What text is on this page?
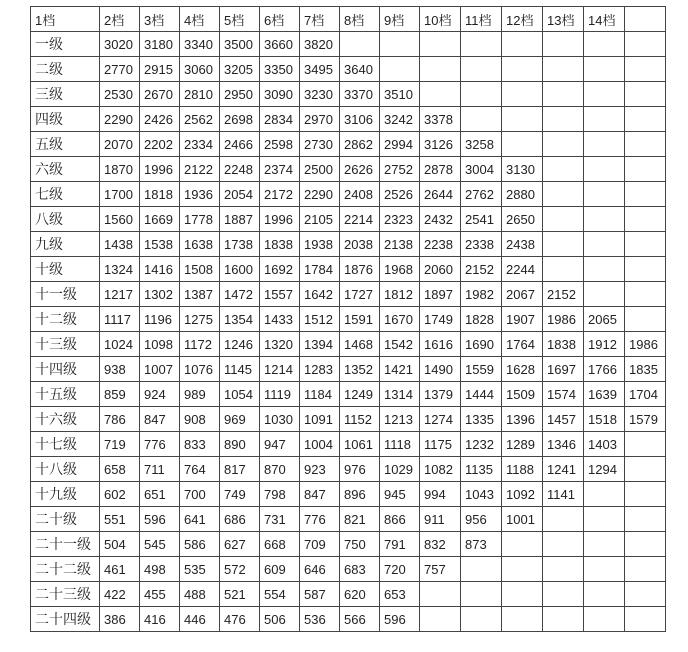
1档	2档	3档	4档	5档	6档	7档	8档	9档	10档	11档	12档	13档	14档	
一级	3020	3180	3340	3500	3660	3820								
二级	2770	2915	3060	3205	3350	3495	3640							
三级	2530	2670	2810	2950	3090	3230	3370	3510						
四级	2290	2426	2562	2698	2834	2970	3106	3242	3378					
五级	2070	2202	2334	2466	2598	2730	2862	2994	3126	3258				
六级	1870	1996	2122	2248	2374	2500	2626	2752	2878	3004	3130			
七级	1700	1818	1936	2054	2172	2290	2408	2526	2644	2762	2880			
八级	1560	1669	1778	1887	1996	2105	2214	2323	2432	2541	2650			
九级	1438	1538	1638	1738	1838	1938	2038	2138	2238	2338	2438			
十级	1324	1416	1508	1600	1692	1784	1876	1968	2060	2152	2244			
十一级	1217	1302	1387	1472	1557	1642	1727	1812	1897	1982	2067	2152		
十二级	1117	1196	1275	1354	1433	1512	1591	1670	1749	1828	1907	1986	2065	
十三级	1024	1098	1172	1246	1320	1394	1468	1542	1616	1690	1764	1838	1912	1986
十四级	938	1007	1076	1145	1214	1283	1352	1421	1490	1559	1628	1697	1766	1835
十五级	859	924	989	1054	1119	1184	1249	1314	1379	1444	1509	1574	1639	1704
十六级	786	847	908	969	1030	1091	1152	1213	1274	1335	1396	1457	1518	1579
十七级	719	776	833	890	947	1004	1061	1118	1175	1232	1289	1346	1403	
十八级	658	711	764	817	870	923	976	1029	1082	1135	1188	1241	1294	
十九级	602	651	700	749	798	847	896	945	994	1043	1092	1141		
二十级	551	596	641	686	731	776	821	866	911	956	1001			
二十一级	504	545	586	627	668	709	750	791	832	873				
二十二级	461	498	535	572	609	646	683	720	757					
二十三级	422	455	488	521	554	587	620	653						
二十四级	386	416	446	476	506	536	566	596						
